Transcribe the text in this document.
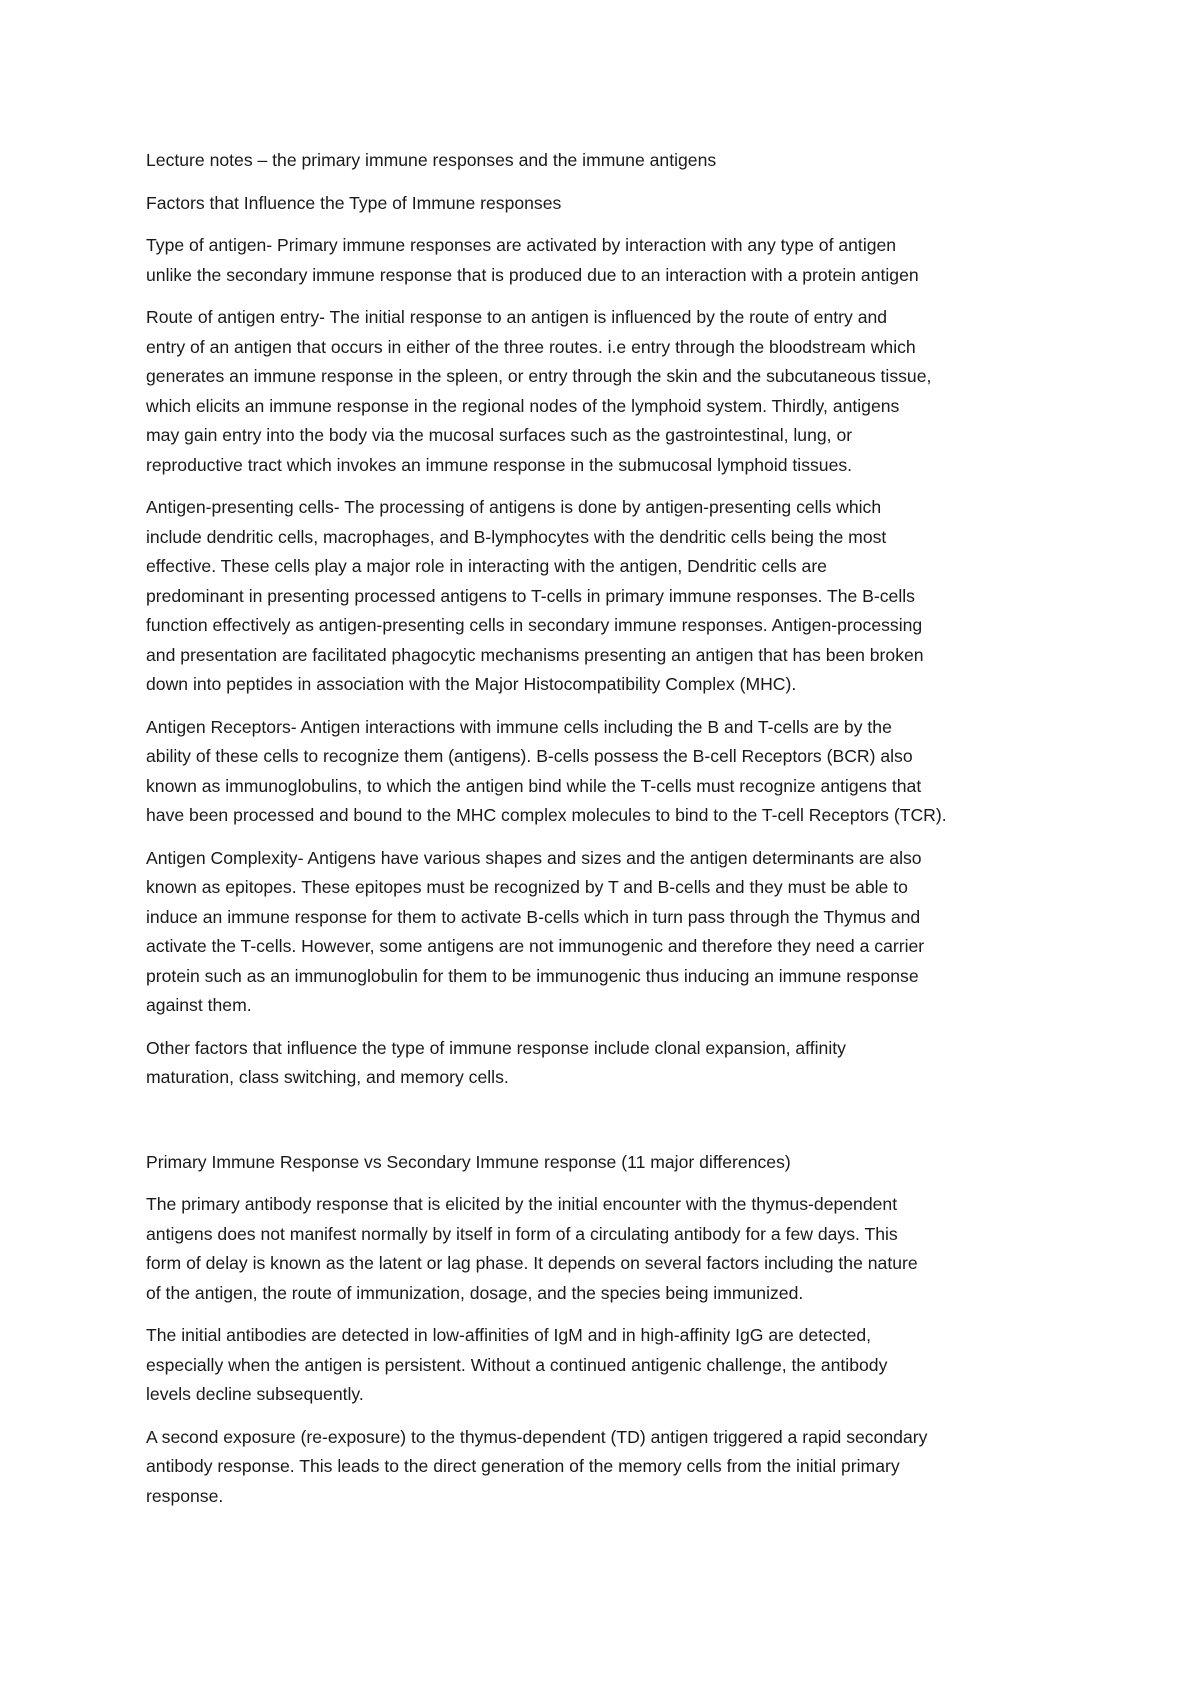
Lecture notes – the primary immune responses and the immune antigens
Factors that Influence the Type of Immune responses
Type of antigen- Primary immune responses are activated by interaction with any type of antigen
unlike the secondary immune response that is produced due to an interaction with a protein antigen
Route of antigen entry- The initial response to an antigen is influenced by the route of entry and
entry of an antigen that occurs in either of the three routes. i.e entry through the bloodstream which
generates an immune response in the spleen, or entry through the skin and the subcutaneous tissue,
which elicits an immune response in the regional nodes of the lymphoid system. Thirdly, antigens
may gain entry into the body via the mucosal surfaces such as the gastrointestinal, lung, or
reproductive tract which invokes an immune response in the submucosal lymphoid tissues.
Antigen-presenting cells- The processing of antigens is done by antigen-presenting cells which
include dendritic cells, macrophages, and B-lymphocytes with the dendritic cells being the most
effective. These cells play a major role in interacting with the antigen, Dendritic cells are
predominant in presenting processed antigens to T-cells in primary immune responses. The B-cells
function effectively as antigen-presenting cells in secondary immune responses. Antigen-processing
and presentation are facilitated phagocytic mechanisms presenting an antigen that has been broken
down into peptides in association with the Major Histocompatibility Complex (MHC).
Antigen Receptors- Antigen interactions with immune cells including the B and T-cells are by the
ability of these cells to recognize them (antigens). B-cells possess the B-cell Receptors (BCR) also
known as immunoglobulins, to which the antigen bind while the T-cells must recognize antigens that
have been processed and bound to the MHC complex molecules to bind to the T-cell Receptors (TCR).
Antigen Complexity- Antigens have various shapes and sizes and the antigen determinants are also
known as epitopes. These epitopes must be recognized by T and B-cells and they must be able to
induce an immune response for them to activate B-cells which in turn pass through the Thymus and
activate the T-cells. However, some antigens are not immunogenic and therefore they need a carrier
protein such as an immunoglobulin for them to be immunogenic thus inducing an immune response
against them.
Other factors that influence the type of immune response include clonal expansion, affinity
maturation, class switching, and memory cells.
Primary Immune Response vs Secondary Immune response (11 major differences)
The primary antibody response that is elicited by the initial encounter with the thymus-dependent
antigens does not manifest normally by itself in form of a circulating antibody for a few days. This
form of delay is known as the latent or lag phase. It depends on several factors including the nature
of the antigen, the route of immunization, dosage, and the species being immunized.
The initial antibodies are detected in low-affinities of IgM and in high-affinity IgG are detected,
especially when the antigen is persistent. Without a continued antigenic challenge, the antibody
levels decline subsequently.
A second exposure (re-exposure) to the thymus-dependent (TD) antigen triggered a rapid secondary
antibody response. This leads to the direct generation of the memory cells from the initial primary
response.
